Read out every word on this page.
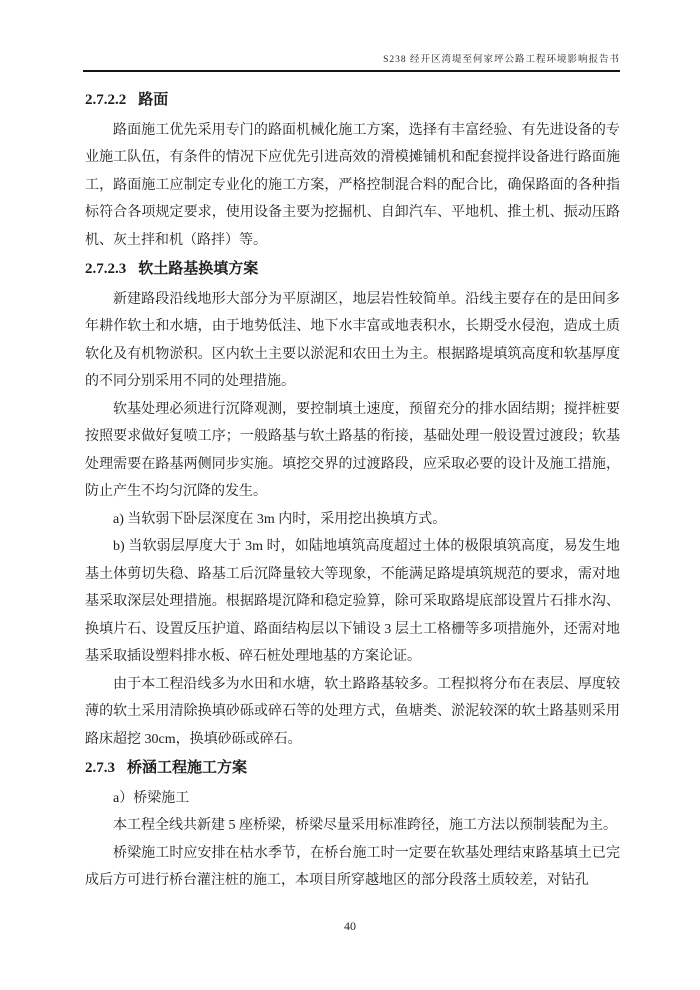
S238 经开区湾堤至何家坪公路工程环境影响报告书
2.7.2.2 路面

路面施工优先采用专门的路面机械化施工方案，选择有丰富经验、有先进设备的专业施工队伍，有条件的情况下应优先引进高效的滑模摊铺机和配套搅拌设备进行路面施工，路面施工应制定专业化的施工方案，严格控制混合料的配合比，确保路面的各种指标符合各项规定要求，使用设备主要为挖掘机、自卸汽车、平地机、推土机、振动压路机、灰土拌和机（路拌）等。

2.7.2.3 软土路基换填方案

新建路段沿线地形大部分为平原湖区，地层岩性较简单。沿线主要存在的是田间多年耕作软土和水塘，由于地势低洼、地下水丰富或地表积水，长期受水侵泡，造成土质软化及有机物淤积。区内软土主要以淤泥和农田土为主。根据路堤填筑高度和软基厚度的不同分别采用不同的处理措施。

软基处理必须进行沉降观测，要控制填土速度，预留充分的排水固结期；搅拌桩要按照要求做好复喷工序；一般路基与软土路基的衔接，基础处理一般设置过渡段；软基处理需要在路基两侧同步实施。填挖交界的过渡路段，应采取必要的设计及施工措施，防止产生不均匀沉降的发生。

a) 当软弱下卧层深度在 3m 内时，采用挖出换填方式。

b) 当软弱层厚度大于 3m 时，如陆地填筑高度超过土体的极限填筑高度，易发生地基土体剪切失稳、路基工后沉降量较大等现象，不能满足路堤填筑规范的要求，需对地基采取深层处理措施。根据路堤沉降和稳定验算，除可采取路堤底部设置片石排水沟、换填片石、设置反压护道、路面结构层以下铺设 3 层土工格栅等多项措施外，还需对地基采取插设塑料排水板、碎石桩处理地基的方案论证。

由于本工程沿线多为水田和水塘，软土路路基较多。工程拟将分布在表层、厚度较薄的软土采用清除换填砂砾或碎石等的处理方式，鱼塘类、淤泥较深的软土路基则采用路床超挖 30cm，换填砂砾或碎石。

2.7.3 桥涵工程施工方案

a）桥梁施工

本工程全线共新建 5 座桥梁，桥梁尽量采用标准跨径，施工方法以预制装配为主。

桥梁施工时应安排在枯水季节，在桥台施工时一定要在软基处理结束路基填土已完成后方可进行桥台灌注桩的施工，本项目所穿越地区的部分段落土质较差，对钻孔

40
